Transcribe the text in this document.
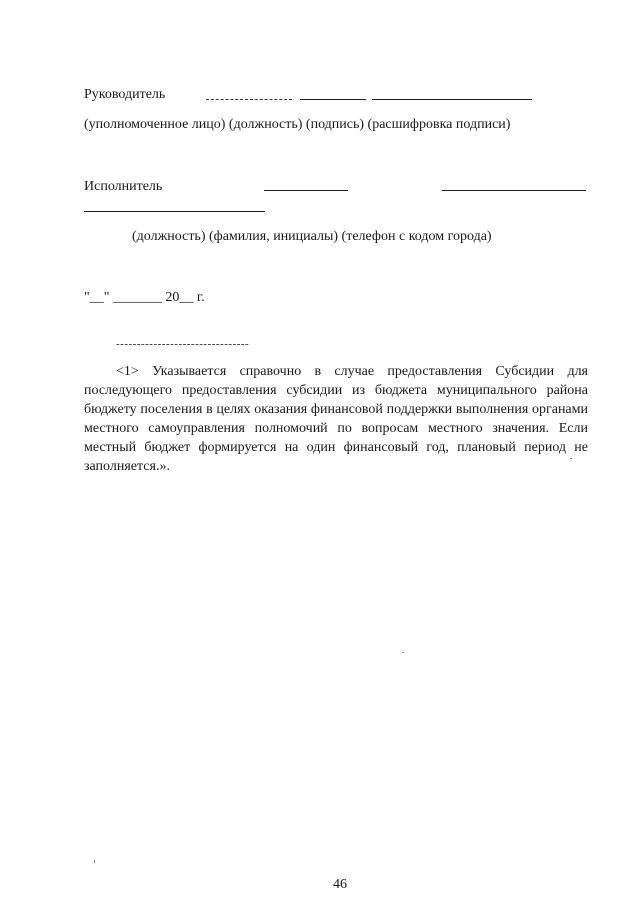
Руководитель
(уполномоченное лицо) (должность) (подпись) (расшифровка подписи)
Исполнитель
(должность) (фамилия, инициалы) (телефон с кодом города)
"__" _______ 20__ г.
--------------------------------
<1> Указывается справочно в случае предоставления Субсидии для последующего предоставления субсидии из бюджета муниципального района бюджету поселения в целях оказания финансовой поддержки выполнения органами местного самоуправления полномочий по вопросам местного значения. Если местный бюджет формируется на один финансовый год, плановый период не заполняется.».
46
